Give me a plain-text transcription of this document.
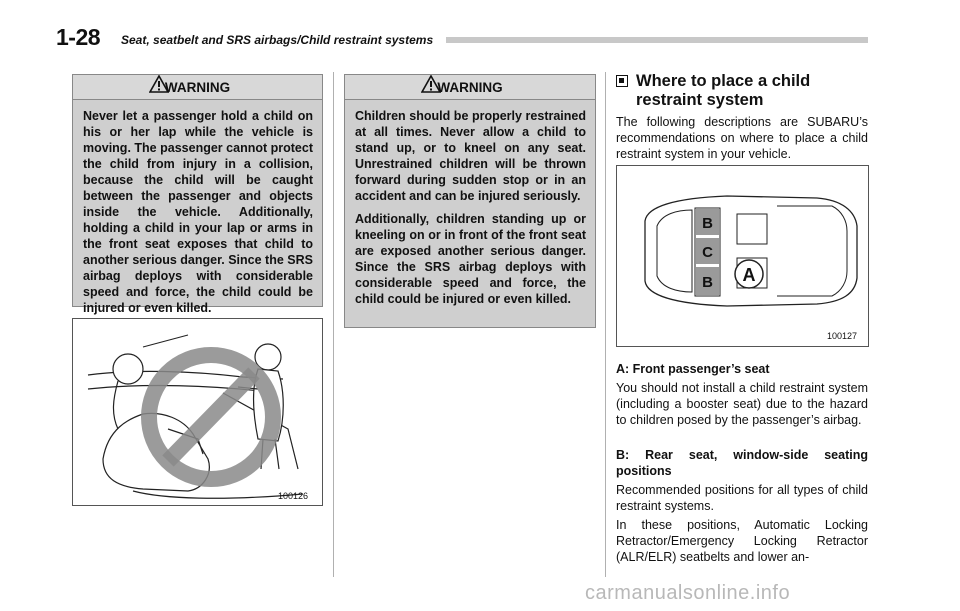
1-28 Seat, seatbelt and SRS airbags/Child restraint systems
WARNING

Never let a passenger hold a child on his or her lap while the vehicle is moving. The passenger cannot protect the child from injury in a collision, because the child will be caught between the passenger and objects inside the vehicle. Additionally, holding a child in your lap or arms in the front seat exposes that child to another serious danger. Since the SRS airbag deploys with considerable speed and force, the child could be injured or even killed.

100126
WARNING

Children should be properly restrained at all times. Never allow a child to stand up, or to kneel on any seat. Unrestrained children will be thrown forward during sudden stop or in an accident and can be injured seriously.

Additionally, children standing up or kneeling on or in front of the front seat are exposed another serious danger. Since the SRS airbag deploys with considerable speed and force, the child could be injured or even killed.

Where to place a child restraint system
The following descriptions are SUBARU’s recommendations on where to place a child restraint system in your vehicle.
B
C
B A
100127
A: Front passenger’s seat
You should not install a child restraint system (including a booster seat) due to the hazard to children posed by the passenger’s airbag.
B: Rear seat, window-side seating positions
Recommended positions for all types of child restraint systems.
In these positions, Automatic Locking Retractor/Emergency Locking Retractor (ALR/ELR) seatbelts and lower an-
carmanualsonline.info
